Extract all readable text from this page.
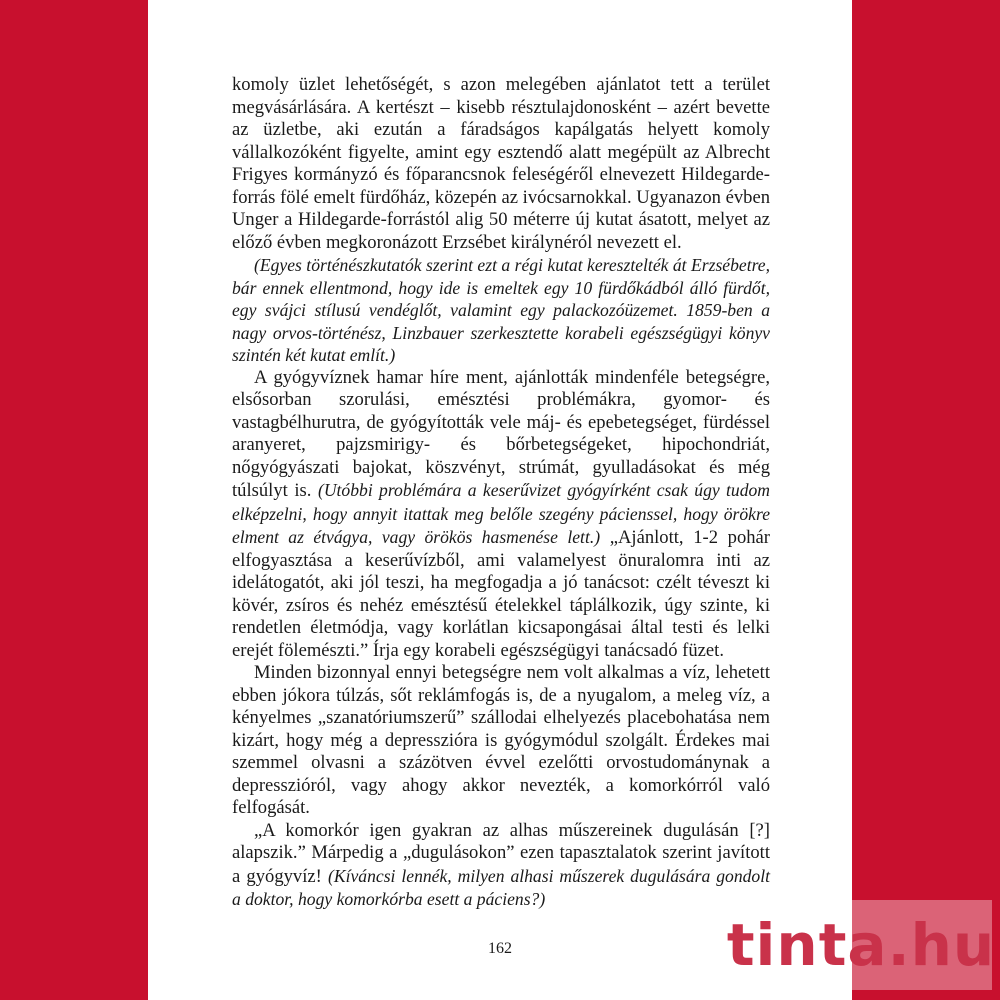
komoly üzlet lehetőségét, s azon melegében ajánlatot tett a terület megvásárlására. A kertészt – kisebb résztulajdonosként – azért bevette az üzletbe, aki ezután a fáradságos kapálgatás helyett komoly vállalkozóként figyelte, amint egy esztendő alatt megépült az Albrecht Frigyes kormányzó és főparancsnok feleségéről elnevezett Hildegarde-forrás fölé emelt fürdőház, közepén az ivócsarnokkal. Ugyanazon évben Unger a Hildegarde-forrástól alig 50 méterre új kutat ásatott, melyet az előző évben megkoronázott Erzsébet királynéról nevezett el.

(Egyes történészkutatók szerint ezt a régi kutat keresztelték át Erzsébetre, bár ennek ellentmond, hogy ide is emeltek egy 10 fürdőkádból álló fürdőt, egy svájci stílusú vendéglőt, valamint egy palackozóüzemet. 1859-ben a nagy orvos-történész, Linzbauer szerkesztette korabeli egészségügyi könyv szintén két kutat említ.)

A gyógyvíznek hamar híre ment, ajánlották mindenféle betegségre, elsősorban szorulási, emésztési problémákra, gyomor- és vastagbélhurutra, de gyógyították vele máj- és epebetegséget, fürdéssel aranyeret, pajzsmirigy- és bőrbetegségeket, hipochondriát, nőgyógyászati bajokat, köszvényt, strúmát, gyulladásokat és még túlsúlyt is. (Utóbbi problémára a keserűvizet gyógyírként csak úgy tudom elképzelni, hogy annyit itattak meg belőle szegény pácienssel, hogy örökre elment az étvágya, vagy örökös hasmenése lett.) „Ajánlott, 1-2 pohár elfogyasztása a keserűvízből, ami valamelyest önuralomra inti az idelátogatót, aki jól teszi, ha megfogadja a jó tanácsot: czélt téveszt ki kövér, zsíros és nehéz emésztésű ételekkel táplálkozik, úgy szinte, ki rendetlen életmódja, vagy korlátlan kicsapongásai által testi és lelki erejét fölemészti.” Írja egy korabeli egészségügyi tanácsadó füzet.

Minden bizonnyal ennyi betegségre nem volt alkalmas a víz, lehetett ebben jókora túlzás, sőt reklámfogás is, de a nyugalom, a meleg víz, a kényelmes „szanatóriumszerű” szállodai elhelyezés placebohatása nem kizárt, hogy még a depresszióra is gyógymódul szolgált. Érdekes mai szemmel olvasni a százötven évvel ezelőtti orvostudománynak a depresszióról, vagy ahogy akkor nevezték, a komorkórról való felfogását.

„A komorkór igen gyakran az alhas műszereinek dugulásán [?] alapszik.” Márpedig a „dugulásokon” ezen tapasztalatok szerint javított a gyógyvíz! (Kíváncsi lennék, milyen alhasi műszerek dugulására gondolt a doktor, hogy komorkórba esett a páciens?)

162	tinta.hu
